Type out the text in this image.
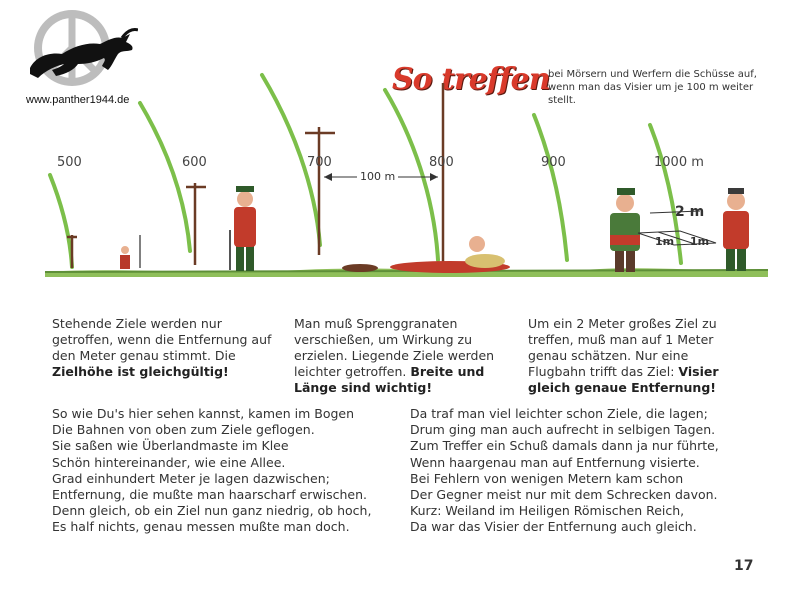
www.panther1944.de
So treffen
bei Mörsern und Werfern die Schüsse auf, wenn man das Visier um je 100 m weiter stellt.
500	600	700	800	900	1000 m
100 m
2 m
1m 1m
Stehende Ziele werden nur getroffen, wenn die Entfernung auf den Meter genau stimmt. Die Zielhöhe ist gleichgültig!
Man muß Sprenggranaten verschießen, um Wirkung zu erzielen. Liegende Ziele werden leichter getroffen. Breite und Länge sind wichtig!
Um ein 2 Meter großes Ziel zu treffen, muß man auf 1 Meter genau schätzen. Nur eine Flugbahn trifft das Ziel: Visier gleich genaue Entfernung!
So wie Du's hier sehen kannst, kamen im Bogen
Die Bahnen von oben zum Ziele geflogen.
Sie saßen wie Überlandmaste im Klee
Schön hintereinander, wie eine Allee.
Grad einhundert Meter je lagen dazwischen;
Entfernung, die mußte man haarscharf erwischen.
Denn gleich, ob ein Ziel nun ganz niedrig, ob hoch,
Es half nichts, genau messen mußte man doch.
Da traf man viel leichter schon Ziele, die lagen;
Drum ging man auch aufrecht in selbigen Tagen.
Zum Treffer ein Schuß damals dann ja nur führte,
Wenn haargenau man auf Entfernung visierte.
Bei Fehlern von wenigen Metern kam schon
Der Gegner meist nur mit dem Schrecken davon.
Kurz: Weiland im Heiligen Römischen Reich,
Da war das Visier der Entfernung auch gleich.
17
